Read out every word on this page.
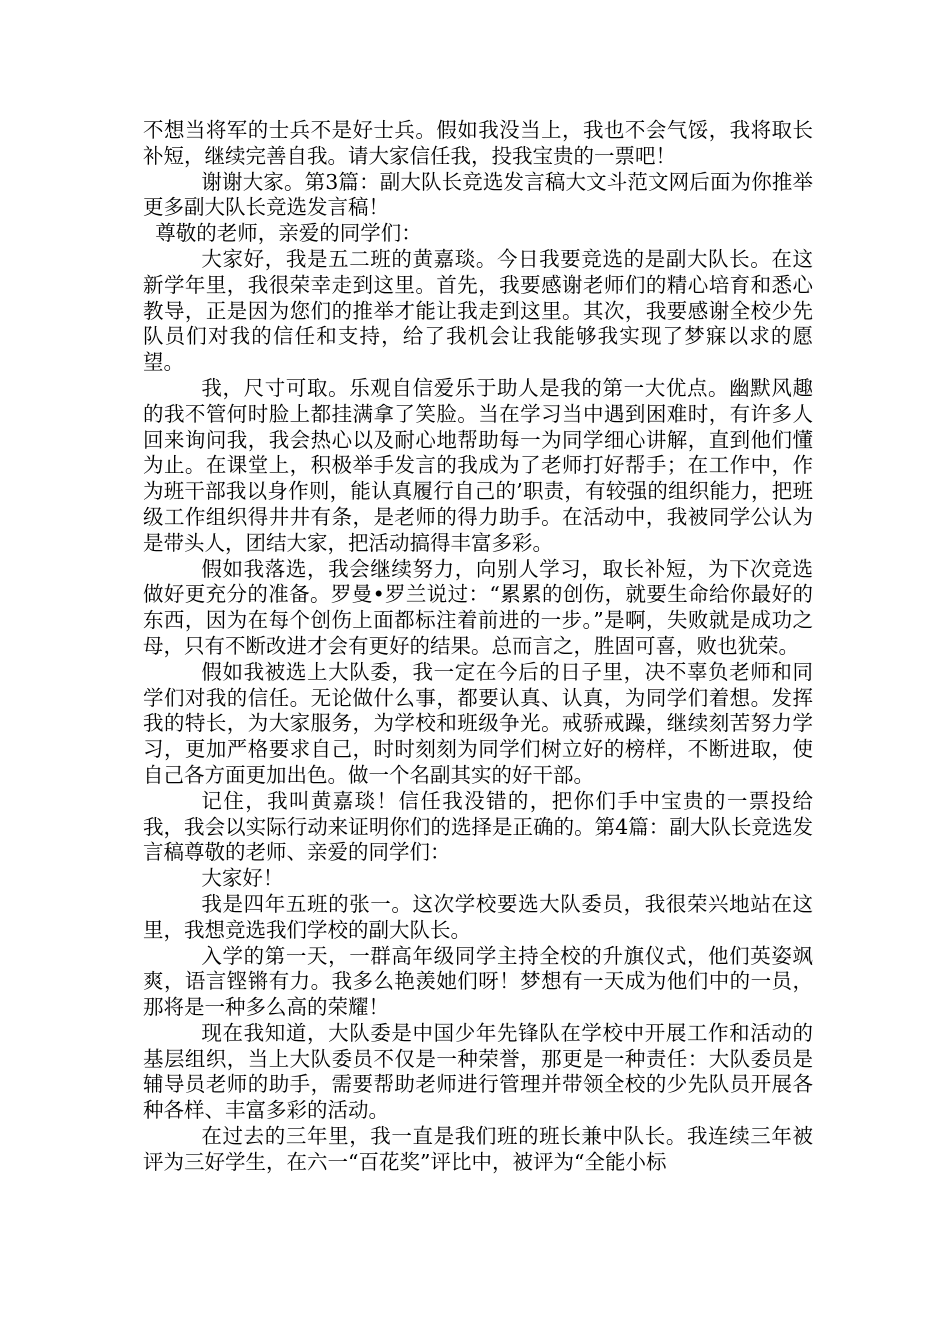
不想当将军的士兵不是好士兵。假如我没当上，我也不会气馁，我将取长补短，继续完善自我。请大家信任我，投我宝贵的一票吧！

谢谢大家。第3篇：副大队长竞选发言稿大文斗范文网后面为你推举更多副大队长竞选发言稿！

尊敬的老师，亲爱的同学们：

大家好，我是五二班的黄嘉琰。今日我要竞选的是副大队长。在这新学年里，我很荣幸走到这里。首先，我要感谢老师们的精心培育和悉心教导，正是因为您们的推举才能让我走到这里。其次，我要感谢全校少先队员们对我的信任和支持，给了我机会让我能够我实现了梦寐以求的愿望。

我，尺寸可取。乐观自信爱乐于助人是我的第一大优点。幽默风趣的我不管何时脸上都挂满拿了笑脸。当在学习当中遇到困难时，有许多人回来询问我，我会热心以及耐心地帮助每一为同学细心讲解，直到他们懂为止。在课堂上，积极举手发言的我成为了老师打好帮手；在工作中，作为班干部我以身作则，能认真履行自己的’职责，有较强的组织能力，把班级工作组织得井井有条，是老师的得力助手。在活动中，我被同学公认为是带头人，团结大家，把活动搞得丰富多彩。

假如我落选，我会继续努力，向别人学习，取长补短，为下次竞选做好更充分的准备。罗曼•罗兰说过：“累累的创伤，就要生命给你最好的东西，因为在每个创伤上面都标注着前进的一步。”是啊，失败就是成功之母，只有不断改进才会有更好的结果。总而言之，胜固可喜，败也犹荣。

假如我被选上大队委，我一定在今后的日子里，决不辜负老师和同学们对我的信任。无论做什么事，都要认真、认真，为同学们着想。发挥我的特长，为大家服务，为学校和班级争光。戒骄戒躁，继续刻苦努力学习，更加严格要求自己，时时刻刻为同学们树立好的榜样，不断进取，使自己各方面更加出色。做一个名副其实的好干部。

记住，我叫黄嘉琰！信任我没错的，把你们手中宝贵的一票投给我，我会以实际行动来证明你们的选择是正确的。第4篇：副大队长竞选发言稿尊敬的老师、亲爱的同学们：

大家好！

我是四年五班的张一。这次学校要选大队委员，我很荣兴地站在这里，我想竞选我们学校的副大队长。

入学的第一天，一群高年级同学主持全校的升旗仪式，他们英姿飒爽，语言铿锵有力。我多么艳羡她们呀！梦想有一天成为他们中的一员，那将是一种多么高的荣耀！

现在我知道，大队委是中国少年先锋队在学校中开展工作和活动的基层组织，当上大队委员不仅是一种荣誉，那更是一种责任：大队委员是辅导员老师的助手，需要帮助老师进行管理并带领全校的少先队员开展各种各样、丰富多彩的活动。

在过去的三年里，我一直是我们班的班长兼中队长。我连续三年被评为三好学生，在六一“百花奖”评比中，被评为“全能小标
